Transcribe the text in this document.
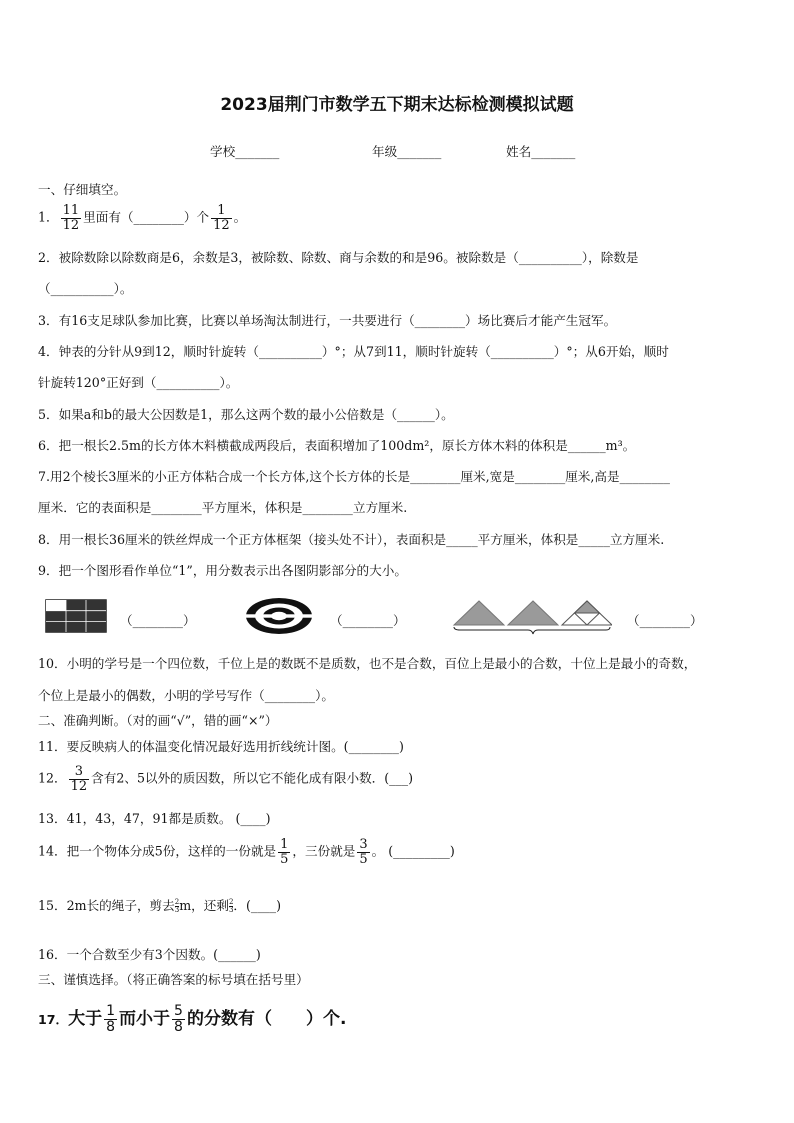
2023届荆门市数学五下期末达标检测模拟试题
学校_______	年级_______	姓名_______
一、仔细填空。
1． $\frac{11}{12}$ 里面有（________）个 $\frac{1}{12}$ 。
2．被除数除以除数商是6，余数是3，被除数、除数、商与余数的和是96。被除数是（__________），除数是
（__________）。
3．有16支足球队参加比赛，比赛以单场淘汰制进行，一共要进行（________）场比赛后才能产生冠军。
4．钟表的分针从9到12，顺时针旋转（__________）°；从7到11，顺时针旋转（__________）°；从6开始，顺时
针旋转120°正好到（__________）。
5．如果a和b的最大公因数是1，那么这两个数的最小公倍数是（______）。
6．把一根长2.5m的长方体木料横截成两段后，表面积增加了100dm²，原长方体木料的体积是______m³。
7.用2个棱长3厘米的小正方体粘合成一个长方体,这个长方体的长是________厘米,宽是________厘米,高是________
厘米．它的表面积是________平方厘米，体积是________立方厘米.
8．用一根长36厘米的铁丝焊成一个正方体框架（接头处不计），表面积是_____平方厘米，体积是_____立方厘米.
9．把一个图形看作单位“1”，用分数表示出各图阴影部分的大小。
（________）	（________）	（________）
10．小明的学号是一个四位数，千位上是的数既不是质数，也不是合数，百位上是最小的合数，十位上是最小的奇数，
个位上是最小的偶数，小明的学号写作（________）。
二、准确判断。（对的画“√”，错的画“×”）
11．要反映病人的体温变化情况最好选用折线统计图。(________)
12． $\frac{3}{12}$ 含有2、5以外的质因数，所以它不能化成有限小数．(___)
13．41，43，47，91都是质数。 (____)
14．把一个物体分成5份，这样的一份就是 $\frac{1}{5}$ ，三份就是 $\frac{3}{5}$ 。 (_________)
15．2m长的绳子，剪去 $\frac{2}{3}m$，还剩 $\frac{2}{3}$．(____)
16．一个合数至少有3个因数。(______)
三、谨慎选择。（将正确答案的标号填在括号里）
17．大于 $\frac{1}{8}$ 而小于 $\frac{5}{8}$ 的分数有（　　）个.
